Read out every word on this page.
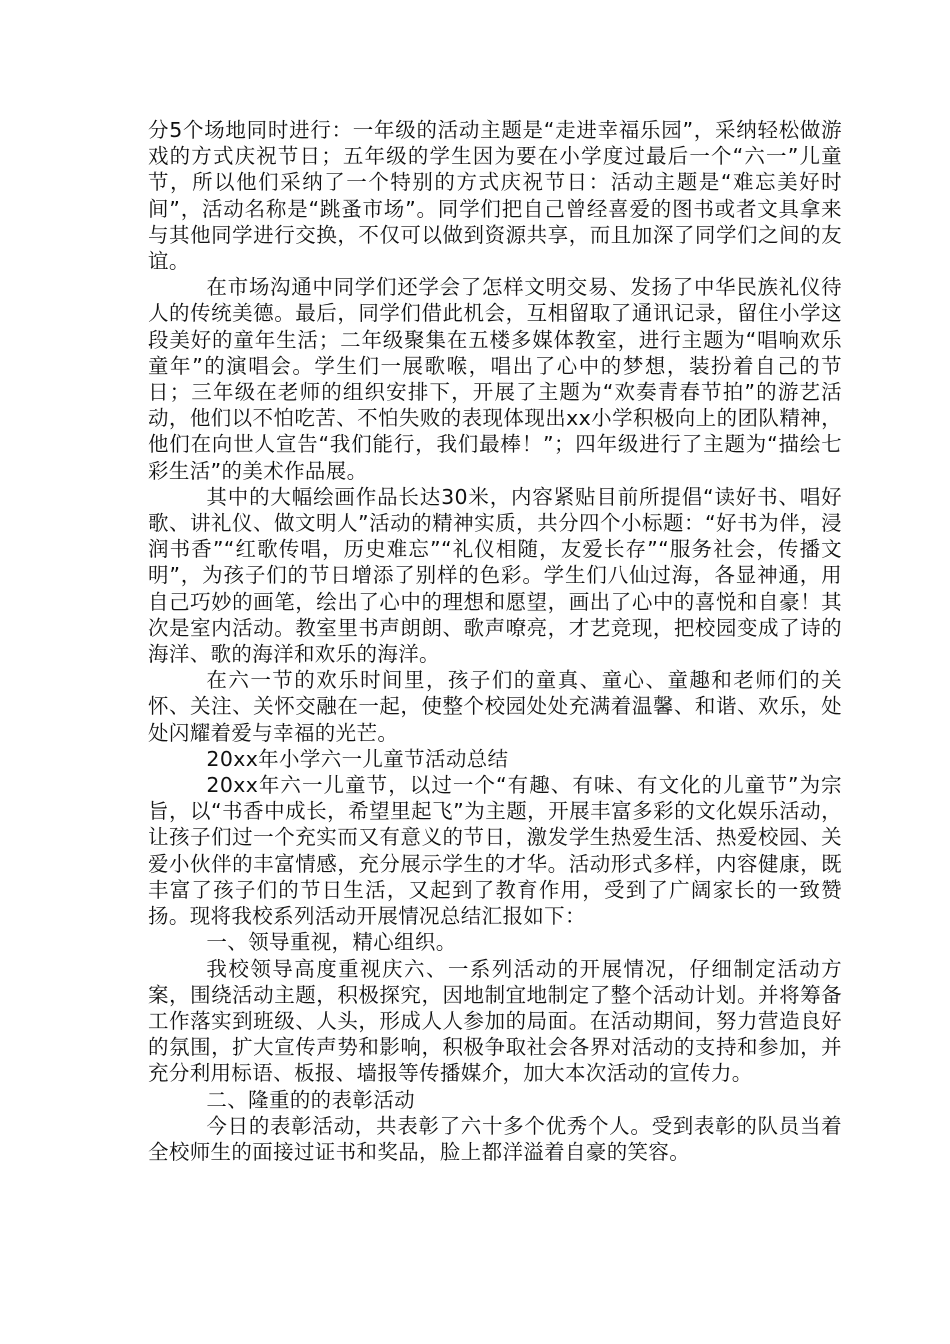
分5个场地同时进行：一年级的活动主题是“走进幸福乐园”，采纳轻松做游戏的方式庆祝节日；五年级的学生因为要在小学度过最后一个“六一”儿童节，所以他们采纳了一个特别的方式庆祝节日：活动主题是“难忘美好时间”，活动名称是“跳蚤市场”。同学们把自己曾经喜爱的图书或者文具拿来与其他同学进行交换，不仅可以做到资源共享，而且加深了同学们之间的友谊。

在市场沟通中同学们还学会了怎样文明交易、发扬了中华民族礼仪待人的传统美德。最后，同学们借此机会，互相留取了通讯记录，留住小学这段美好的童年生活；二年级聚集在五楼多媒体教室，进行主题为“唱响欢乐童年”的演唱会。学生们一展歌喉，唱出了心中的梦想，装扮着自己的节日；三年级在老师的组织安排下，开展了主题为“欢奏青春节拍”的游艺活动，他们以不怕吃苦、不怕失败的表现体现出xx小学积极向上的团队精神，他们在向世人宣告“我们能行，我们最棒！”；四年级进行了主题为“描绘七彩生活”的美术作品展。

其中的大幅绘画作品长达30米，内容紧贴目前所提倡“读好书、唱好歌、讲礼仪、做文明人”活动的精神实质，共分四个小标题：“好书为伴，浸润书香”“红歌传唱，历史难忘”“礼仪相随，友爱长存”“服务社会，传播文明”，为孩子们的节日增添了别样的色彩。学生们八仙过海，各显神通，用自己巧妙的画笔，绘出了心中的理想和愿望，画出了心中的喜悦和自豪！其次是室内活动。教室里书声朗朗、歌声嘹亮，才艺竞现，把校园变成了诗的海洋、歌的海洋和欢乐的海洋。

在六一节的欢乐时间里，孩子们的童真、童心、童趣和老师们的关怀、关注、关怀交融在一起，使整个校园处处充满着温馨、和谐、欢乐，处处闪耀着爱与幸福的光芒。

20xx年小学六一儿童节活动总结

20xx年六一儿童节，以过一个“有趣、有味、有文化的儿童节”为宗旨，以“书香中成长，希望里起飞”为主题，开展丰富多彩的文化娱乐活动，让孩子们过一个充实而又有意义的节日，激发学生热爱生活、热爱校园、关爱小伙伴的丰富情感，充分展示学生的才华。活动形式多样，内容健康，既丰富了孩子们的节日生活，又起到了教育作用，受到了广阔家长的一致赞扬。现将我校系列活动开展情况总结汇报如下：

一、领导重视，精心组织。

我校领导高度重视庆六、一系列活动的开展情况，仔细制定活动方案，围绕活动主题，积极探究，因地制宜地制定了整个活动计划。并将筹备工作落实到班级、人头，形成人人参加的局面。在活动期间，努力营造良好的氛围，扩大宣传声势和影响，积极争取社会各界对活动的支持和参加，并充分利用标语、板报、墙报等传播媒介，加大本次活动的宣传力。

二、隆重的的表彰活动

今日的表彰活动，共表彰了六十多个优秀个人。受到表彰的队员当着全校师生的面接过证书和奖品，脸上都洋溢着自豪的笑容。
